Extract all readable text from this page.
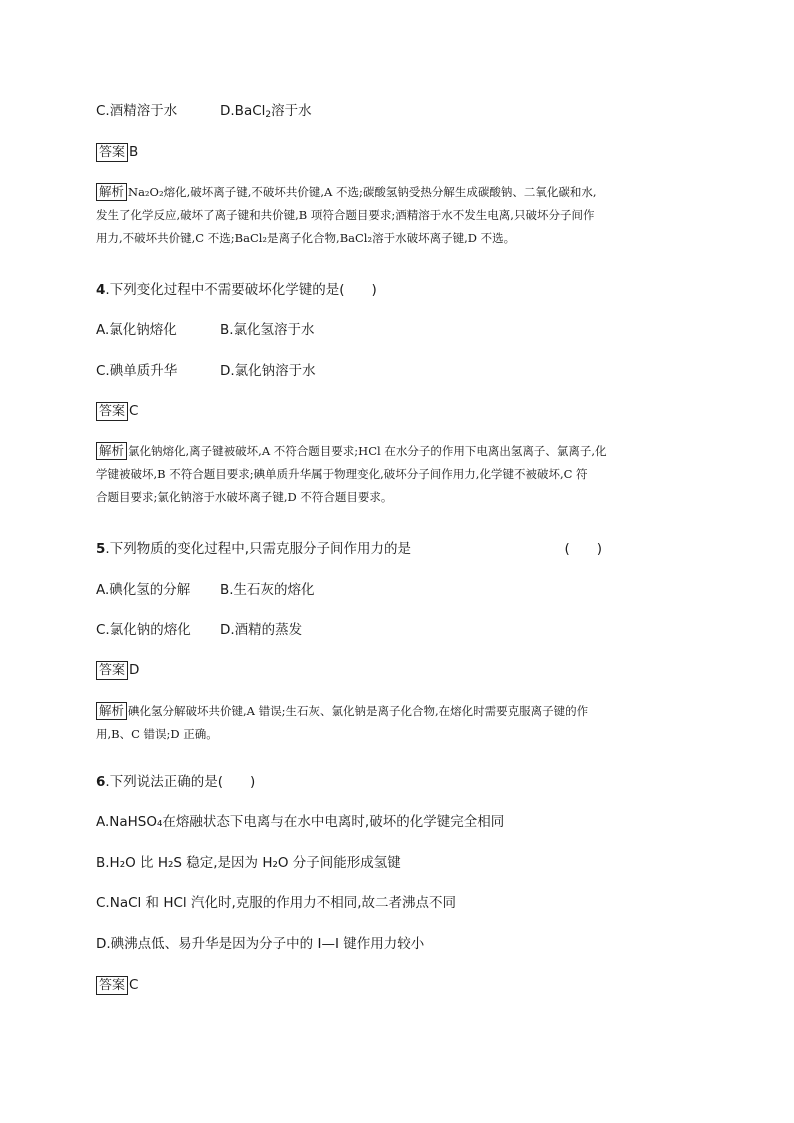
C.酒精溶于水	D.BaCl$_2$溶于水
答案 B
解析 Na₂O₂熔化,破坏离子键,不破坏共价键,A 不选;碳酸氢钠受热分解生成碳酸钠、二氧化碳和水,
发生了化学反应,破坏了离子键和共价键,B 项符合题目要求;酒精溶于水不发生电离,只破坏分子间作
用力,不破坏共价键,C 不选;BaCl₂是离子化合物,BaCl₂溶于水破坏离子键,D 不选。
4.下列变化过程中不需要破坏化学键的是(　　)
A.氯化钠熔化	B.氯化氢溶于水
C.碘单质升华	D.氯化钠溶于水
答案 C
解析 氯化钠熔化,离子键被破坏,A 不符合题目要求;HCl 在水分子的作用下电离出氢离子、氯离子,化
学键被破坏,B 不符合题目要求;碘单质升华属于物理变化,破坏分子间作用力,化学键不被破坏,C 符
合题目要求;氯化钠溶于水破坏离子键,D 不符合题目要求。
5.下列物质的变化过程中,只需克服分子间作用力的是	(　　)
A.碘化氢的分解 B.生石灰的熔化
C.氯化钠的熔化 D.酒精的蒸发
答案 D
解析 碘化氢分解破坏共价键,A 错误;生石灰、氯化钠是离子化合物,在熔化时需要克服离子键的作
用,B、C 错误;D 正确。
6.下列说法正确的是(　　)
A.NaHSO₄在熔融状态下电离与在水中电离时,破坏的化学键完全相同
B.H₂O 比 H₂S 稳定,是因为 H₂O 分子间能形成氢键
C.NaCl 和 HCl 汽化时,克服的作用力不相同,故二者沸点不同
D.碘沸点低、易升华是因为分子中的 I—I 键作用力较小
答案 C
